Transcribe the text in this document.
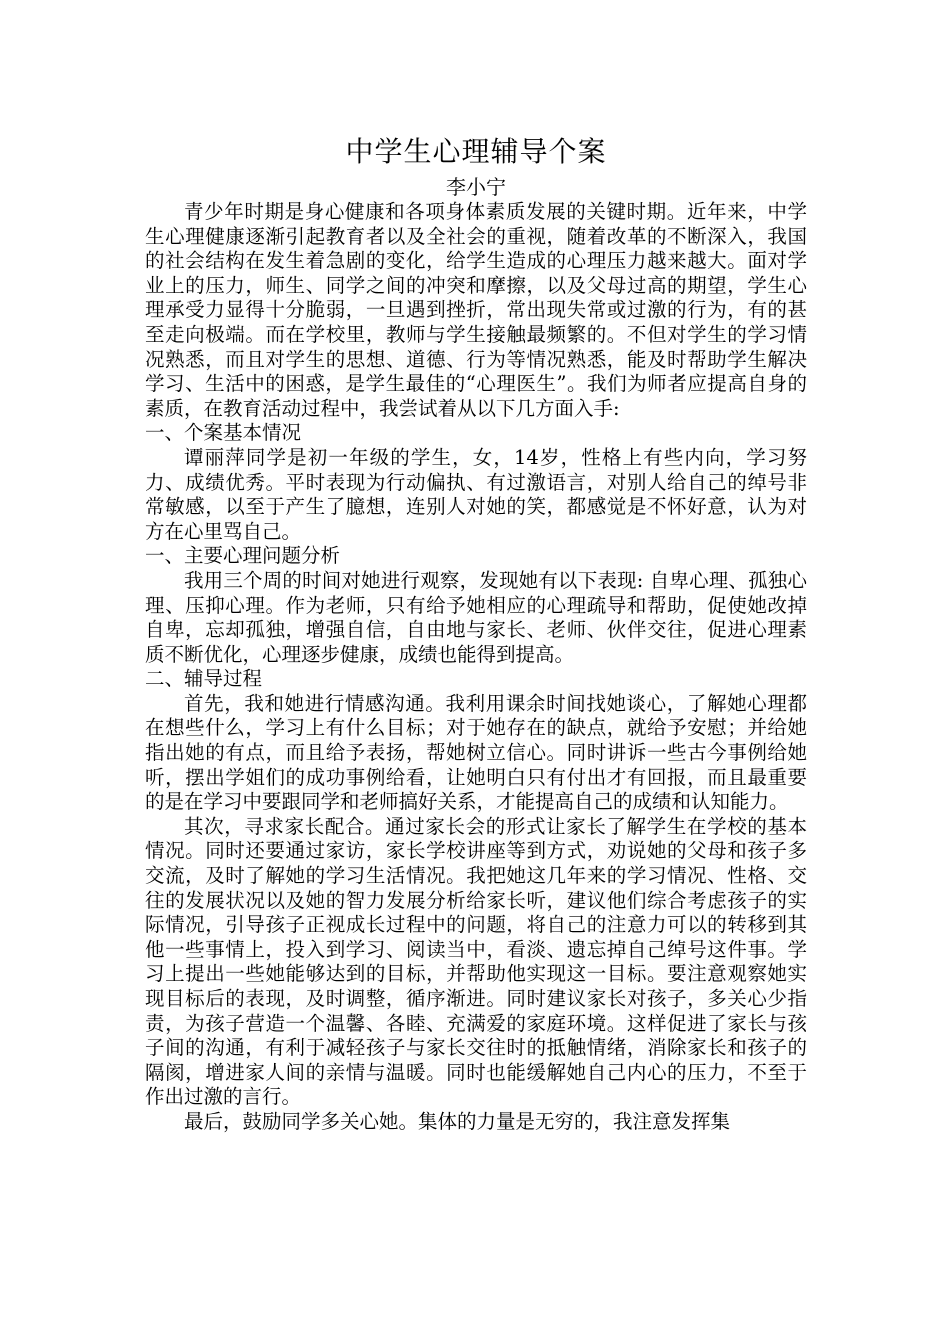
中学生心理辅导个案
李小宁

青少年时期是身心健康和各项身体素质发展的关键时期。近年来，中学生心理健康逐渐引起教育者以及全社会的重视，随着改革的不断深入，我国的社会结构在发生着急剧的变化，给学生造成的心理压力越来越大。面对学业上的压力，师生、同学之间的冲突和摩擦，以及父母过高的期望，学生心理承受力显得十分脆弱，一旦遇到挫折，常出现失常或过激的行为，有的甚至走向极端。而在学校里，教师与学生接触最频繁的。不但对学生的学习情况熟悉，而且对学生的思想、道德、行为等情况熟悉，能及时帮助学生解决学习、生活中的困惑，是学生最佳的“心理医生”。我们为师者应提高自身的素质，在教育活动过程中，我尝试着从以下几方面入手:

一、个案基本情况

谭丽萍同学是初一年级的学生，女，14岁，性格上有些内向，学习努力、成绩优秀。平时表现为行动偏执、有过激语言，对别人给自己的绰号非常敏感，以至于产生了臆想，连别人对她的笑，都感觉是不怀好意，认为对方在心里骂自己。

一、主要心理问题分析

我用三个周的时间对她进行观察，发现她有以下表现: 自卑心理、孤独心理、压抑心理。作为老师，只有给予她相应的心理疏导和帮助，促使她改掉自卑，忘却孤独，增强自信，自由地与家长、老师、伙伴交往，促进心理素质不断优化，心理逐步健康，成绩也能得到提高。

二、辅导过程

首先，我和她进行情感沟通。我利用课余时间找她谈心，了解她心理都在想些什么，学习上有什么目标；对于她存在的缺点，就给予安慰；并给她指出她的有点，而且给予表扬，帮她树立信心。同时讲诉一些古今事例给她听，摆出学姐们的成功事例给看，让她明白只有付出才有回报，而且最重要的是在学习中要跟同学和老师搞好关系，才能提高自己的成绩和认知能力。

其次，寻求家长配合。通过家长会的形式让家长了解学生在学校的基本情况。同时还要通过家访，家长学校讲座等到方式，劝说她的父母和孩子多交流，及时了解她的学习生活情况。我把她这几年来的学习情况、性格、交往的发展状况以及她的智力发展分析给家长听，建议他们综合考虑孩子的实际情况，引导孩子正视成长过程中的问题，将自己的注意力可以的转移到其他一些事情上，投入到学习、阅读当中，看淡、遗忘掉自己绰号这件事。学习上提出一些她能够达到的目标，并帮助他实现这一目标。要注意观察她实现目标后的表现，及时调整，循序渐进。同时建议家长对孩子，多关心少指责，为孩子营造一个温馨、各睦、充满爱的家庭环境。这样促进了家长与孩子间的沟通，有利于减轻孩子与家长交往时的抵触情绪，消除家长和孩子的隔阂，增进家人间的亲情与温暖。同时也能缓解她自己内心的压力，不至于作出过激的言行。

最后，鼓励同学多关心她。集体的力量是无穷的，我注意发挥集
